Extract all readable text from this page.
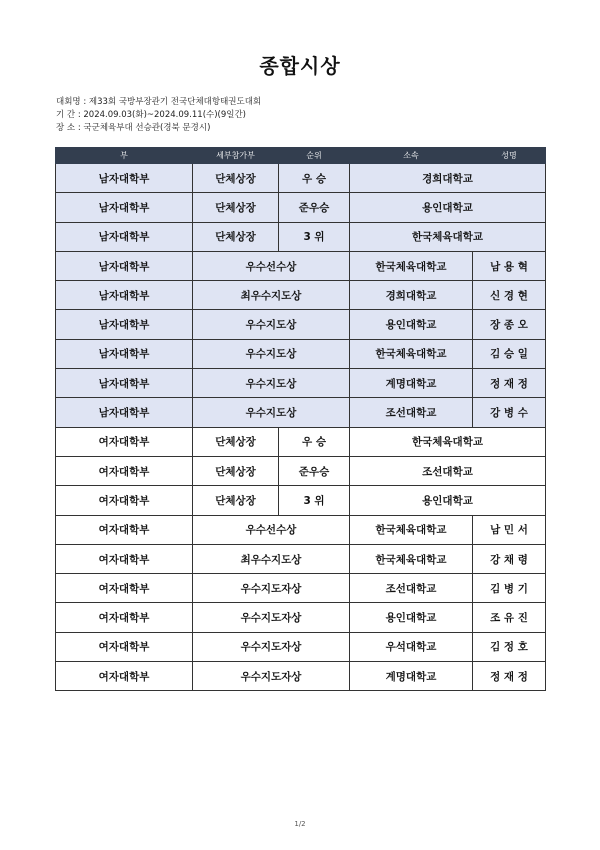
종합시상
대회명 : 제33회 국방부장관기 전국단체대항태권도대회
기 간 : 2024.09.03(화)~2024.09.11(수)(9일간)
장 소 : 국군체육부대 선승관(경북 문경시)
부	세부참가부	순위	소속	성명
남자대학부	단체상장	우 승	경희대학교	
남자대학부	단체상장	준우승	용인대학교	
남자대학부	단체상장	3 위	한국체육대학교	
남자대학부	우수선수상		한국체육대학교	남 용 혁
남자대학부	최우수지도상		경희대학교	신 경 현
남자대학부	우수지도상		용인대학교	장 종 오
남자대학부	우수지도상		한국체육대학교	김 승 일
남자대학부	우수지도상		계명대학교	정 재 정
남자대학부	우수지도상		조선대학교	강 병 수
여자대학부	단체상장	우 승	한국체육대학교	
여자대학부	단체상장	준우승	조선대학교	
여자대학부	단체상장	3 위	용인대학교	
여자대학부	우수선수상		한국체육대학교	남 민 서
여자대학부	최우수지도상		한국체육대학교	강 채 령
여자대학부	우수지도자상		조선대학교	김 병 기
여자대학부	우수지도자상		용인대학교	조 유 진
여자대학부	우수지도자상		우석대학교	김 정 호
여자대학부	우수지도자상		계명대학교	정 재 정
1/2
